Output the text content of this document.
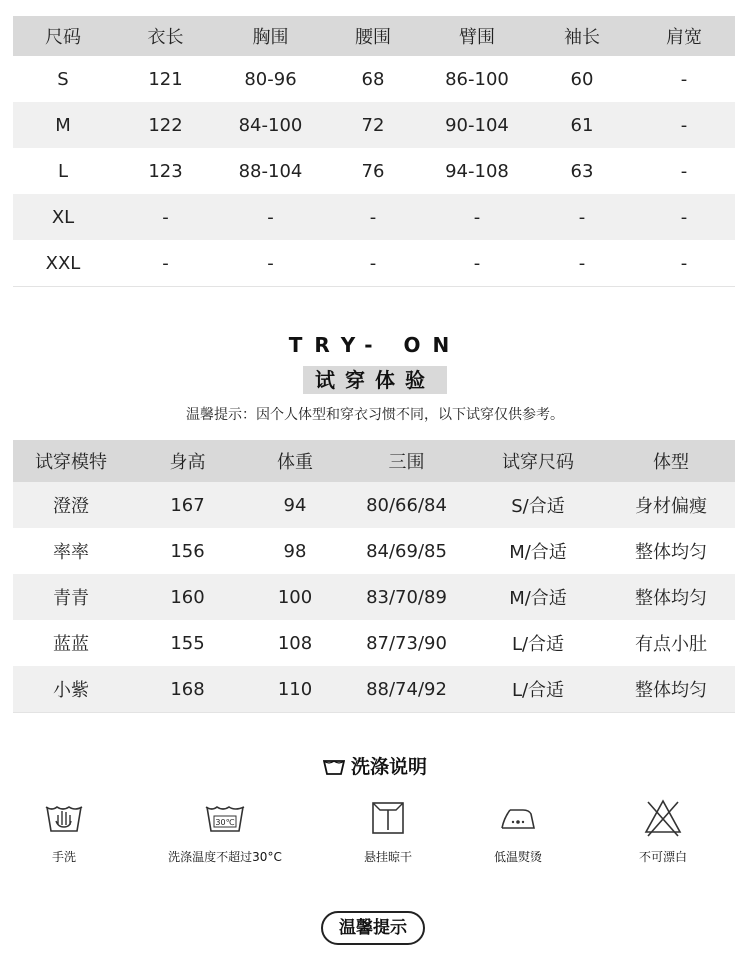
尺码	衣长	胸围	腰围	臂围	袖长	肩宽
S	121	80-96	68	86-100	60	-
M	122	84-100	72	90-104	61	-
L	123	88-104	76	94-108	63	-
XL	-	-	-	-	-	-
XXL	-	-	-	-	-	-
TRY- ON
试穿体验
温馨提示：因个人体型和穿衣习惯不同，以下试穿仅供参考。
试穿模特	身高	体重	三围	试穿尺码	体型
澄澄	167	94	80/66/84	S/合适	身材偏瘦
率率	156	98	84/69/85	M/合适	整体均匀
青青	160	100	83/70/89	M/合适	整体均匀
蓝蓝	155	108	87/73/90	L/合适	有点小肚
小紫	168	110	88/74/92	L/合适	整体均匀
洗涤说明
手洗
30℃
洗涤温度不超过30°C	悬挂晾干	低温熨烫	不可漂白
温馨提示
